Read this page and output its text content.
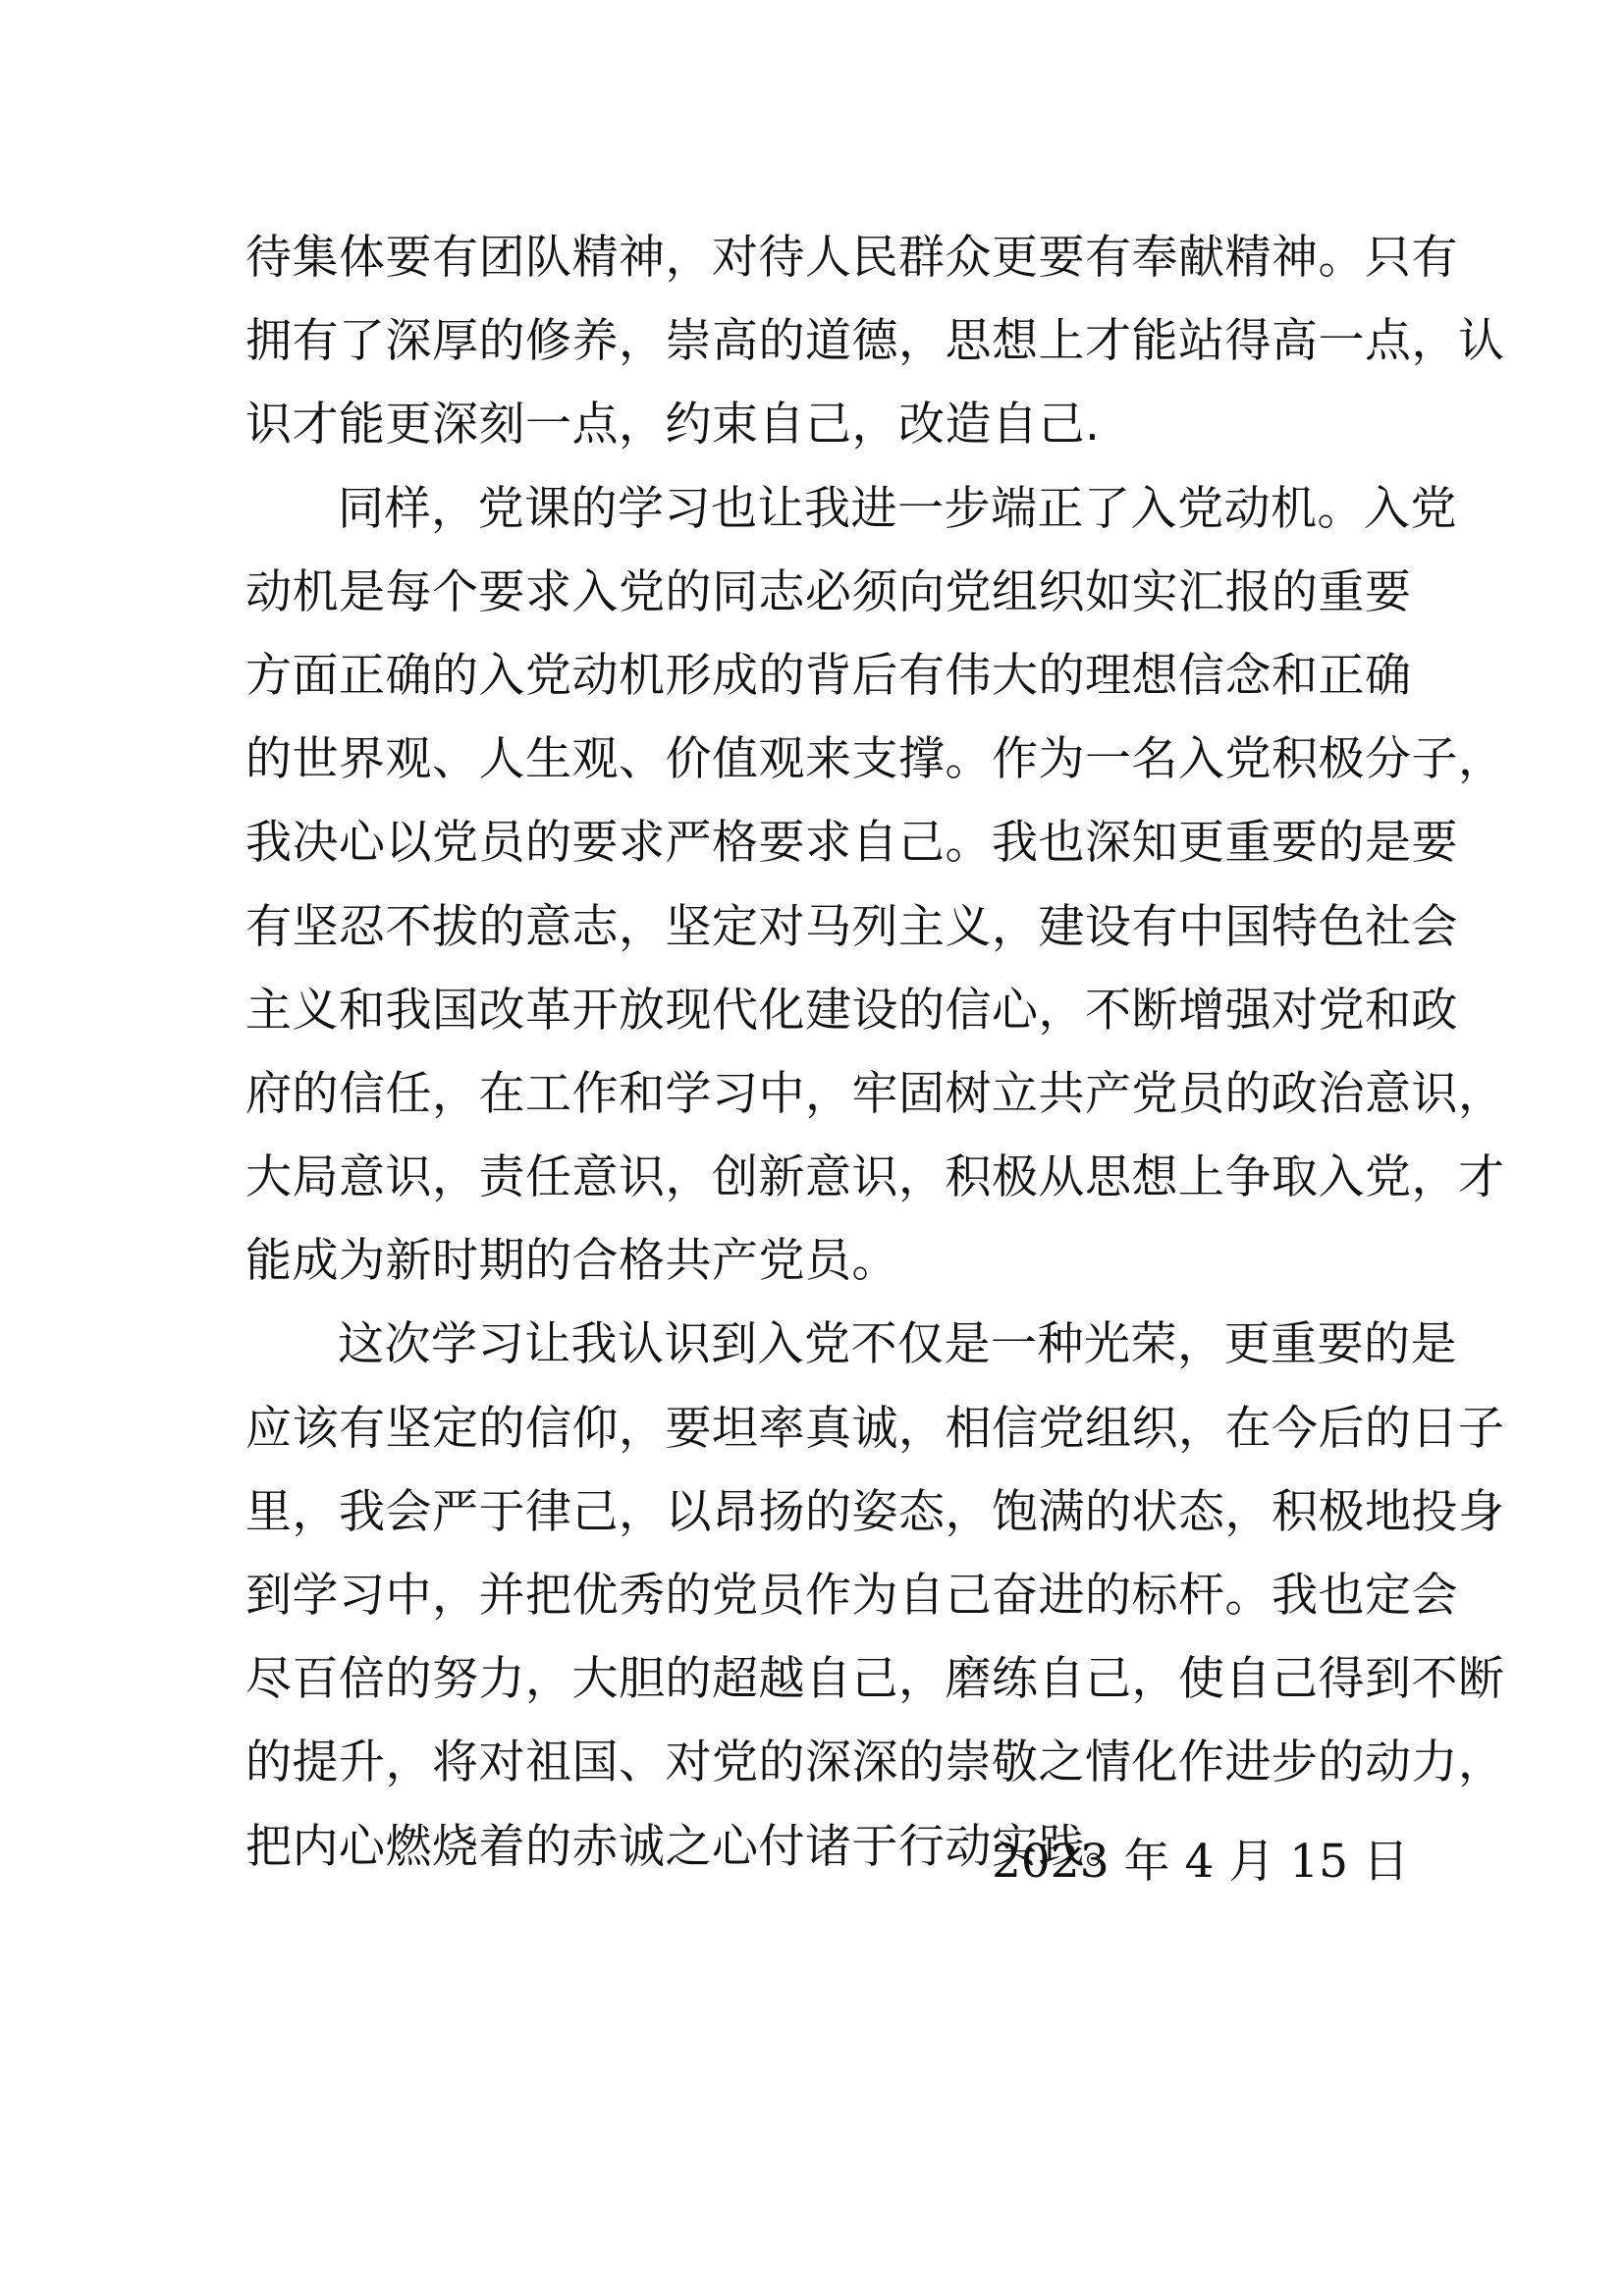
待集体要有团队精神，对待人民群众更要有奉献精神。只有
拥有了深厚的修养，崇高的道德，思想上才能站得高一点，认
识才能更深刻一点，约束自己，改造自己.
同样，党课的学习也让我进一步端正了入党动机。入党
动机是每个要求入党的同志必须向党组织如实汇报的重要
方面正确的入党动机形成的背后有伟大的理想信念和正确
的世界观、人生观、价值观来支撑。作为一名入党积极分子，
我决心以党员的要求严格要求自己。我也深知更重要的是要
有坚忍不拔的意志，坚定对马列主义，建设有中国特色社会
主义和我国改革开放现代化建设的信心，不断增强对党和政
府的信任，在工作和学习中，牢固树立共产党员的政治意识，
大局意识，责任意识，创新意识，积极从思想上争取入党，才
能成为新时期的合格共产党员。
这次学习让我认识到入党不仅是一种光荣，更重要的是
应该有坚定的信仰，要坦率真诚，相信党组织，在今后的日子
里，我会严于律己，以昂扬的姿态，饱满的状态，积极地投身
到学习中，并把优秀的党员作为自己奋进的标杆。我也定会
尽百倍的努力，大胆的超越自己，磨练自己，使自己得到不断
的提升，将对祖国、对党的深深的崇敬之情化作进步的动力，
把内心燃烧着的赤诚之心付诸于行动实践。
2023 年 4 月 15 日
